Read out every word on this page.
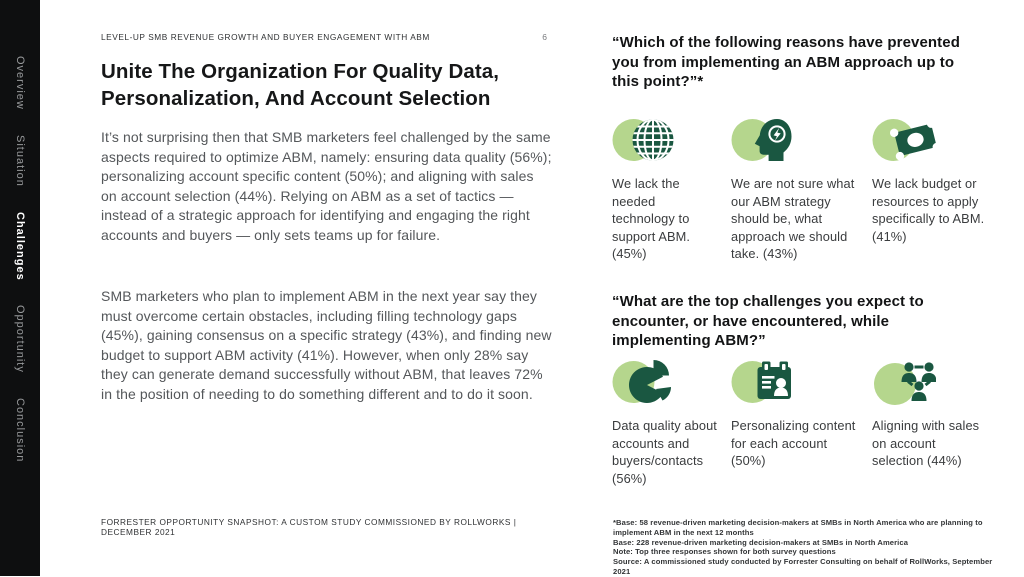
Overview
Situation
Challenges
Opportunity
Conclusion
LEVEL-UP SMB REVENUE GROWTH AND BUYER ENGAGEMENT WITH ABM	6
Unite The Organization For Quality Data, Personalization, And Account Selection

It’s not surprising then that SMB marketers feel challenged by the same aspects required to optimize ABM, namely: ensuring data quality (56%); personalizing account specific content (50%); and aligning with sales on account selection (44%). Relying on ABM as a set of tactics — instead of a strategic approach for identifying and engaging the right accounts and buyers — only sets teams up for failure.

SMB marketers who plan to implement ABM in the next year say they must overcome certain obstacles, including filling technology gaps (45%), gaining consensus on a specific strategy (43%), and finding new budget to support ABM activity (41%). However, when only 28% say they can generate demand successfully without ABM, that leaves 72% in the position of needing to do something different and to do it soon.

FORRESTER OPPORTUNITY SNAPSHOT: A CUSTOM STUDY COMMISSIONED BY ROLLWORKS | DECEMBER 2021
“Which of the following reasons have prevented you from implementing an ABM approach up to this point?”*
We lack the needed technology to support ABM. (45%)
We are not sure what our ABM strategy should be, what approach we should take. (43%)
We lack budget or resources to apply specifically to ABM. (41%)
“What are the top challenges you expect to encounter, or have encountered, while implementing ABM?”
Data quality about accounts and buyers/contacts (56%)
Personalizing content for each account (50%)
Aligning with sales on account selection (44%)
*Base: 58 revenue-driven marketing decision-makers at SMBs in North America who are planning to implement ABM in the next 12 months
Base: 228 revenue-driven marketing decision-makers at SMBs in North America
Note: Top three responses shown for both survey questions
Source: A commissioned study conducted by Forrester Consulting on behalf of RollWorks, September 2021
